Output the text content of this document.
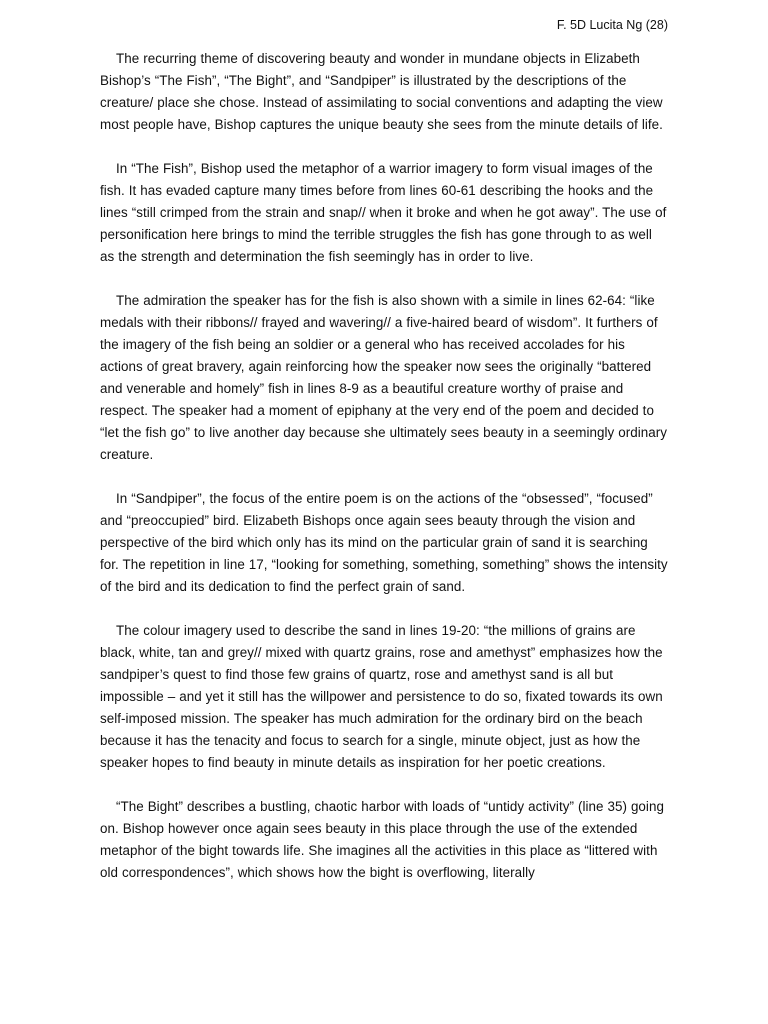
F. 5D Lucita Ng (28)

The recurring theme of discovering beauty and wonder in mundane objects in Elizabeth Bishop’s “The Fish”, “The Bight”, and “Sandpiper” is illustrated by the descriptions of the creature/ place she chose. Instead of assimilating to social conventions and adapting the view most people have, Bishop captures the unique beauty she sees from the minute details of life.

In “The Fish”, Bishop used the metaphor of a warrior imagery to form visual images of the fish. It has evaded capture many times before from lines 60-61 describing the hooks and the lines “still crimped from the strain and snap// when it broke and when he got away”. The use of personification here brings to mind the terrible struggles the fish has gone through to as well as the strength and determination the fish seemingly has in order to live.

The admiration the speaker has for the fish is also shown with a simile in lines 62-64: “like medals with their ribbons// frayed and wavering// a five-haired beard of wisdom”. It furthers of the imagery of the fish being an soldier or a general who has received accolades for his actions of great bravery, again reinforcing how the speaker now sees the originally “battered and venerable and homely” fish in lines 8-9 as a beautiful creature worthy of praise and respect. The speaker had a moment of epiphany at the very end of the poem and decided to “let the fish go” to live another day because she ultimately sees beauty in a seemingly ordinary creature.

In “Sandpiper”, the focus of the entire poem is on the actions of the “obsessed”, “focused” and “preoccupied” bird. Elizabeth Bishops once again sees beauty through the vision and perspective of the bird which only has its mind on the particular grain of sand it is searching for. The repetition in line 17, “looking for something, something, something” shows the intensity of the bird and its dedication to find the perfect grain of sand.

The colour imagery used to describe the sand in lines 19-20: “the millions of grains are black, white, tan and grey// mixed with quartz grains, rose and amethyst” emphasizes how the sandpiper’s quest to find those few grains of quartz, rose and amethyst sand is all but impossible – and yet it still has the willpower and persistence to do so, fixated towards its own self-imposed mission. The speaker has much admiration for the ordinary bird on the beach because it has the tenacity and focus to search for a single, minute object, just as how the speaker hopes to find beauty in minute details as inspiration for her poetic creations.

“The Bight” describes a bustling, chaotic harbor with loads of “untidy activity” (line 35) going on. Bishop however once again sees beauty in this place through the use of the extended metaphor of the bight towards life. She imagines all the activities in this place as “littered with old correspondences”, which shows how the bight is overflowing, literally
